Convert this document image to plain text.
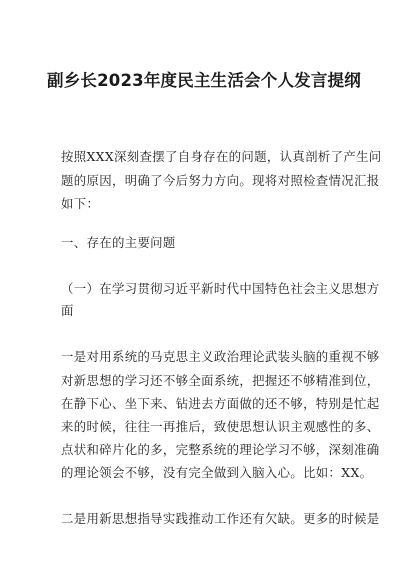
副乡长2023年度民主生活会个人发言提纲
按照XXX深刻查摆了自身存在的问题，认真剖析了产生问
题的原因，明确了今后努力方向。现将对照检查情况汇报
如下：
一、存在的主要问题
（一）在学习贯彻习近平新时代中国特色社会主义思想方
面
一是对用系统的马克思主义政治理论武装头脑的重视不够
对新思想的学习还不够全面系统，把握还不够精准到位，
在静下心、坐下来、钻进去方面做的还不够，特别是忙起
来的时候，往往一再推后，致使思想认识主观感性的多、
点状和碎片化的多，完整系统的理论学习不够，深刻准确
的理论领会不够，没有完全做到入脑入心。比如：XX。
二是用新思想指导实践推动工作还有欠缺。更多的时候是
